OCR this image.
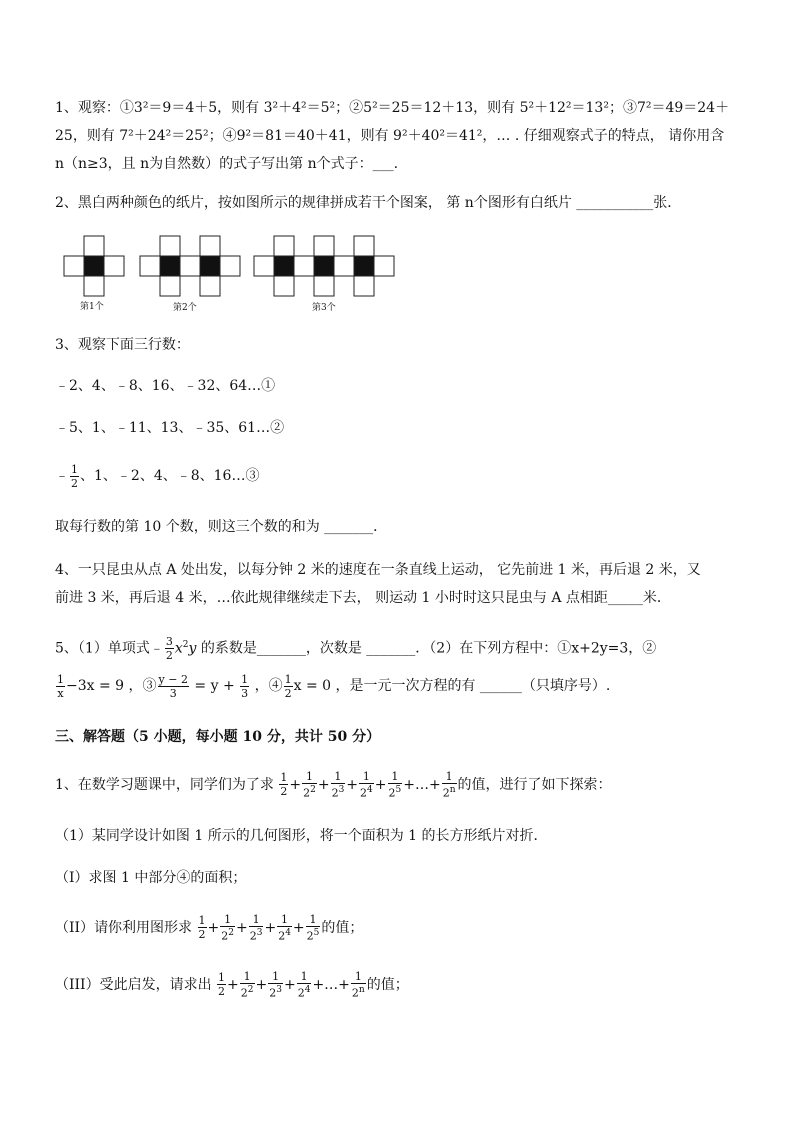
1、观察：①3²＝9＝4＋5，则有 3²＋4²＝5²；②5²＝25＝12＋13，则有 5²＋12²＝13²；③7²＝49＝24＋
25，则有 7²＋24²＝25²；④9²＝81＝40＋41，则有 9²＋40²＝41²，… . 仔细观察式子的特点， 请你用含
n（n≥3，且 n为自然数）的式子写出第 n个式子：___.
2、黑白两种颜色的纸片，按如图所示的规律拼成若干个图案， 第 n个图形有白纸片 ___________张．
第1个	第2个	第3个
3、观察下面三行数：
﹣2、4、﹣8、16、﹣32、64…①
﹣5、1、﹣11、13、﹣35、61…②
﹣ $\frac{1}{2}$ 、1、﹣2、4、﹣8、16…③
取每行数的第 10 个数，则这三个数的和为 _______．
4、一只昆虫从点 A 处出发，以每分钟 2 米的速度在一条直线上运动， 它先前进 1 米，再后退 2 米，又
前进 3 米，再后退 4 米，…依此规律继续走下去， 则运动 1 小时时这只昆虫与 A 点相距_____米．
5、（1）单项式﹣ $\frac{3}{2} x^2y$ 的系数是_______，次数是 _______．（2）在下列方程中：①x+2y=3，②
$\frac{1}{x} -3x = 9$ ，③ $\frac{y - 2}{3} = y + \frac{1}{3}$ ，④ $\frac{1}{2}$ x = 0 ，是一元一次方程的有 ______（只填序号）.
三、解答题（5 小题，每小题 10 分，共计 50 分）
1、在数学习题课中，同学们为了求 $\frac{1}{2} + \frac{1}{2^2} + \frac{1}{2^3} + \frac{1}{2^4} + \frac{1}{2^5}$ +…+ $\frac{1}{2^n}$ 的值，进行了如下探索：
（1）某同学设计如图 1 所示的几何图形，将一个面积为 1 的长方形纸片对折．
（I）求图 1 中部分④的面积；
（II）请你利用图形求 $\frac{1}{2} + \frac{1}{2^2} + \frac{1}{2^3} + \frac{1}{2^4} + \frac{1}{2^5}$ 的值；
（III）受此启发，请求出 $\frac{1}{2} + \frac{1}{2^2} + \frac{1}{2^3} + \frac{1}{2^4}$ +…+ $\frac{1}{2^n}$ 的值；
